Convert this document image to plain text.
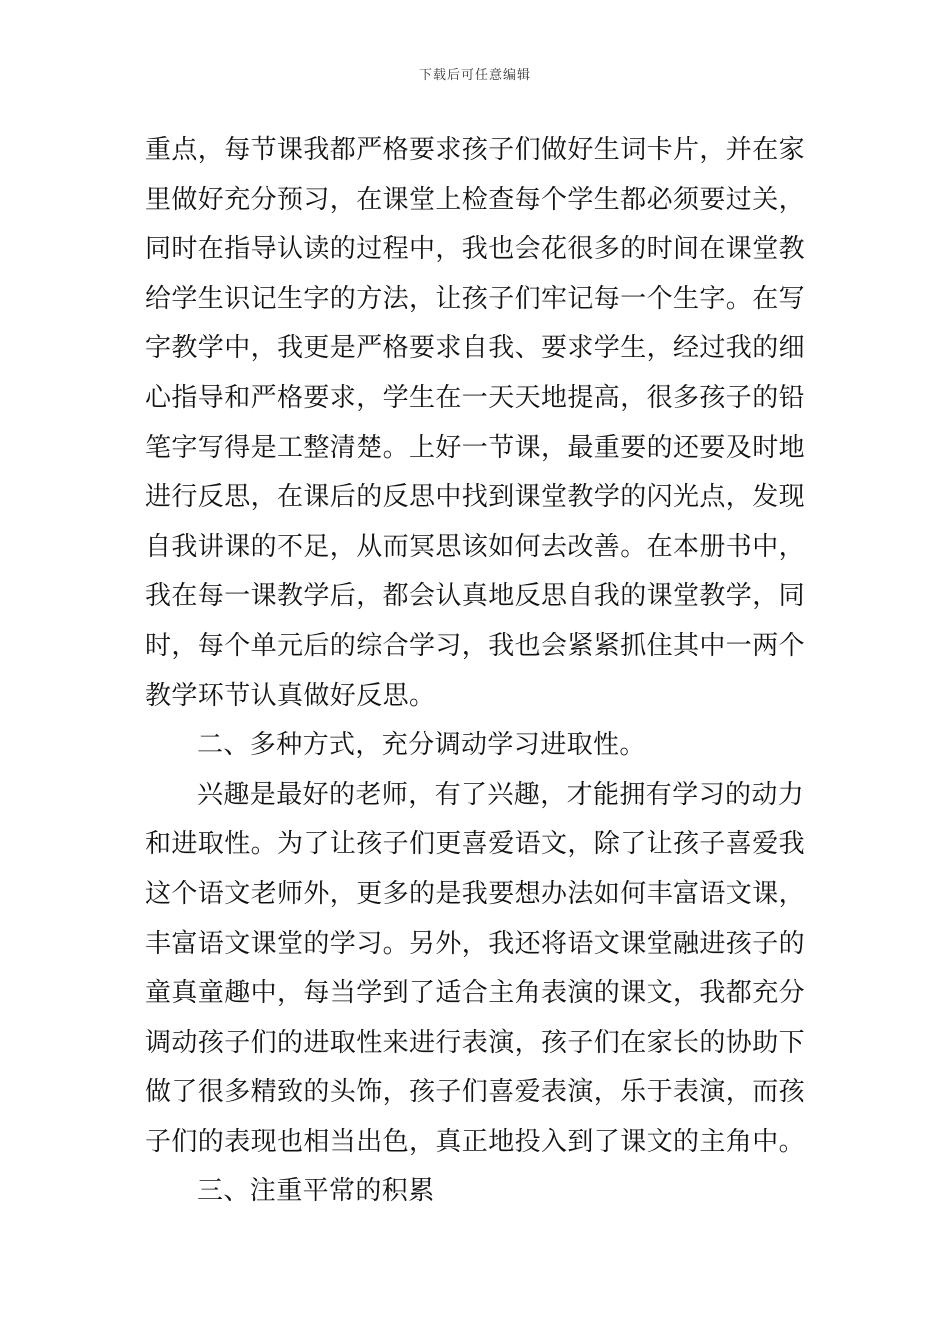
下载后可任意编辑
重点，每节课我都严格要求孩子们做好生词卡片，并在家
里做好充分预习，在课堂上检查每个学生都必须要过关，
同时在指导认读的过程中，我也会花很多的时间在课堂教
给学生识记生字的方法，让孩子们牢记每一个生字。在写
字教学中，我更是严格要求自我、要求学生，经过我的细
心指导和严格要求，学生在一天天地提高，很多孩子的铅
笔字写得是工整清楚。上好一节课，最重要的还要及时地
进行反思，在课后的反思中找到课堂教学的闪光点，发现
自我讲课的不足，从而冥思该如何去改善。在本册书中，
我在每一课教学后，都会认真地反思自我的课堂教学，同
时，每个单元后的综合学习，我也会紧紧抓住其中一两个
教学环节认真做好反思。
二、多种方式，充分调动学习进取性。
兴趣是最好的老师，有了兴趣，才能拥有学习的动力
和进取性。为了让孩子们更喜爱语文，除了让孩子喜爱我
这个语文老师外，更多的是我要想办法如何丰富语文课，
丰富语文课堂的学习。另外，我还将语文课堂融进孩子的
童真童趣中，每当学到了适合主角表演的课文，我都充分
调动孩子们的进取性来进行表演，孩子们在家长的协助下
做了很多精致的头饰，孩子们喜爱表演，乐于表演，而孩
子们的表现也相当出色，真正地投入到了课文的主角中。
三、注重平常的积累
